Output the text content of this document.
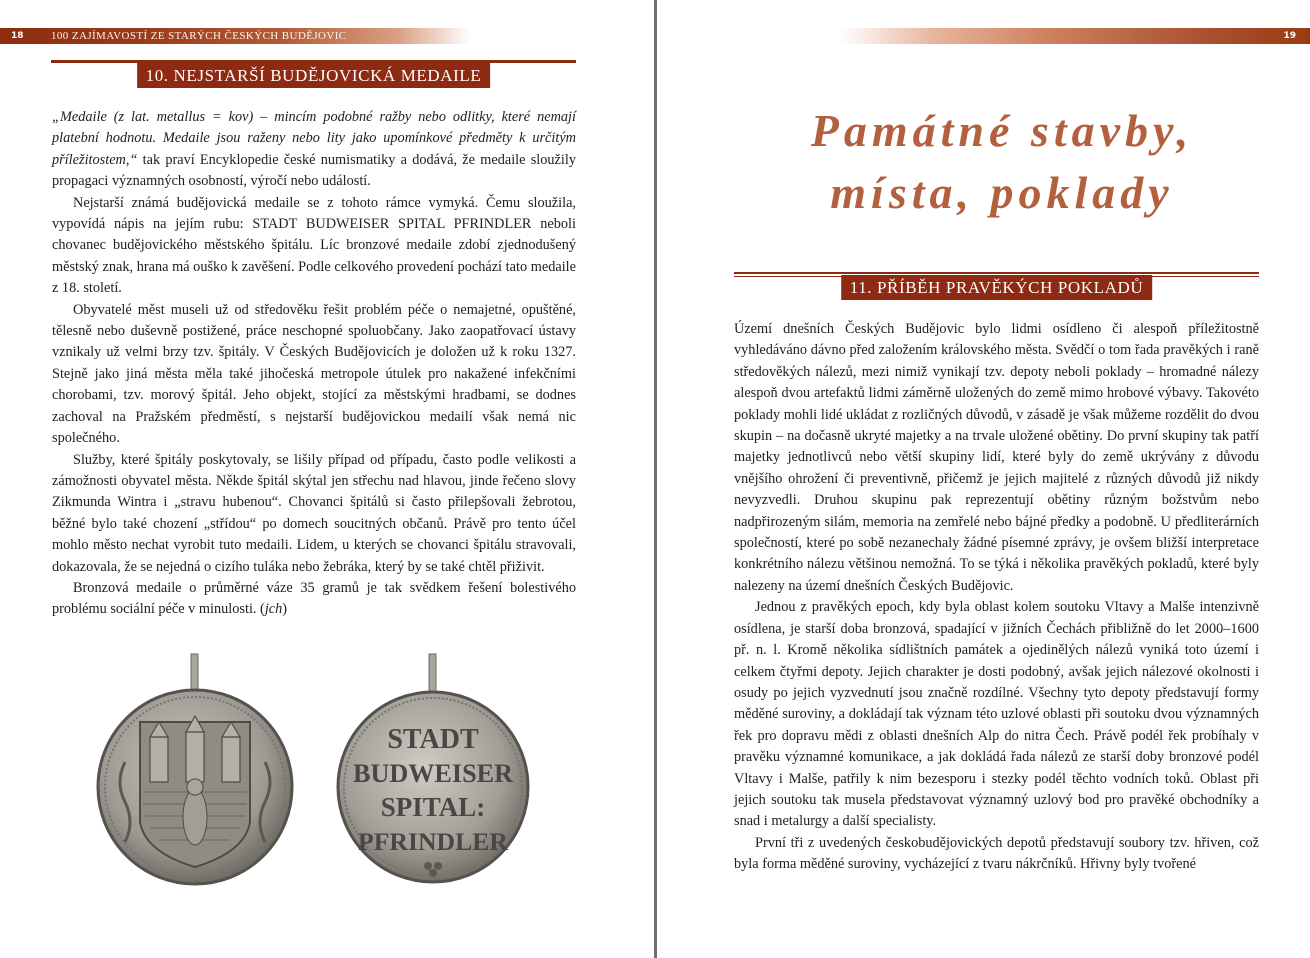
18	100 ZAJÍMAVOSTÍ ZE STARÝCH ČESKÝCH BUDĚJOVIC
10. NEJSTARŠÍ BUDĚJOVICKÁ MEDAILE

„Medaile (z lat. metallus = kov) – mincím podobné ražby nebo odlitky, které nemají platební hodnotu. Medaile jsou raženy nebo lity jako upomínkové předměty k určitým příležitostem,“ tak praví Encyklopedie české numismatiky a dodává, že medaile sloužily propagaci významných osobností, výročí nebo událostí.

Nejstarší známá budějovická medaile se z tohoto rámce vymyká. Čemu sloužila, vypovídá nápis na jejím rubu: STADT BUDWEISER SPITAL PFRINDLER neboli chovanec budějovického městského špitálu. Líc bronzové medaile zdobí zjednodušený městský znak, hrana má ouško k zavěšení. Podle celkového provedení pochází tato medaile z 18. století.

Obyvatelé měst museli už od středověku řešit problém péče o nemajetné, opuštěné, tělesně nebo duševně postižené, práce neschopné spoluobčany. Jako zaopatřovací ústavy vznikaly už velmi brzy tzv. špitály. V Českých Budějovicích je doložen už k roku 1327. Stejně jako jiná města měla také jihočeská metropole útulek pro nakažené infekčními chorobami, tzv. morový špitál. Jeho objekt, stojící za městskými hradbami, se dodnes zachoval na Pražském předměstí, s nejstarší budějovickou medailí však nemá nic společného.

Služby, které špitály poskytovaly, se lišily případ od případu, často podle velikosti a zámožnosti obyvatel města. Někde špitál skýtal jen střechu nad hlavou, jinde řečeno slovy Zikmunda Wintra i „stravu hubenou“. Chovanci špitálů si často přilepšovali žebrotou, běžné bylo také chození „střídou“ po domech soucitných občanů. Právě pro tento účel mohlo město nechat vyrobit tuto medaili. Lidem, u kterých se chovanci špitálu stravovali, dokazovala, že se nejedná o cizího tuláka nebo žebráka, který by se také chtěl přiživit.

Bronzová medaile o průměrné váze 35 gramů je tak svědkem řešení bolestivého problému sociální péče v minulosti. (jch)

STADT
BUDWEISER
SPITAL:
PFRINDLER
19
Památné stavby,
místa, poklady
11. PŘÍBĚH PRAVĚKÝCH POKLADŮ

Území dnešních Českých Budějovic bylo lidmi osídleno či alespoň příležitostně vyhledáváno dávno před založením královského města. Svědčí o tom řada pravěkých i raně středověkých nálezů, mezi nimiž vynikají tzv. depoty neboli poklady – hromadné nálezy alespoň dvou artefaktů lidmi záměrně uložených do země mimo hrobové výbavy. Takovéto poklady mohli lidé ukládat z rozličných důvodů, v zásadě je však můžeme rozdělit do dvou skupin – na dočasně ukryté majetky a na trvale uložené obětiny. Do první skupiny tak patří majetky jednotlivců nebo větší skupiny lidí, které byly do země ukrývány z důvodu vnějšího ohrožení či preventivně, přičemž je jejich majitelé z různých důvodů již nikdy nevyzvedli. Druhou skupinu pak reprezentují obětiny různým božstvům nebo nadpřirozeným silám, memoria na zemřelé nebo bájné předky a podobně. U předliterárních společností, které po sobě nezanechaly žádné písemné zprávy, je ovšem bližší interpretace konkrétního nálezu většinou nemožná. To se týká i několika pravěkých pokladů, které byly nalezeny na území dnešních Českých Budějovic.

Jednou z pravěkých epoch, kdy byla oblast kolem soutoku Vltavy a Malše intenzivně osídlena, je starší doba bronzová, spadající v jižních Čechách přibližně do let 2000–1600 př. n. l. Kromě několika sídlištních památek a ojedinělých nálezů vyniká toto území i celkem čtyřmi depoty. Jejich charakter je dosti podobný, avšak jejich nálezové okolnosti i osudy po jejich vyzvednutí jsou značně rozdílné. Všechny tyto depoty představují formy měděné suroviny, a dokládají tak význam této uzlové oblasti při soutoku dvou významných řek pro dopravu mědi z oblasti dnešních Alp do nitra Čech. Právě podél řek probíhaly v pravěku významné komunikace, a jak dokládá řada nálezů ze starší doby bronzové podél Vltavy i Malše, patřily k nim bezesporu i stezky podél těchto vodních toků. Oblast při jejich soutoku tak musela představovat významný uzlový bod pro pravěké obchodníky a snad i metalurgy a další specialisty.

První tři z uvedených českobudějovických depotů představují soubory tzv. hřiven, což byla forma měděné suroviny, vycházející z tvaru nákrčníků. Hřivny byly tvořené
